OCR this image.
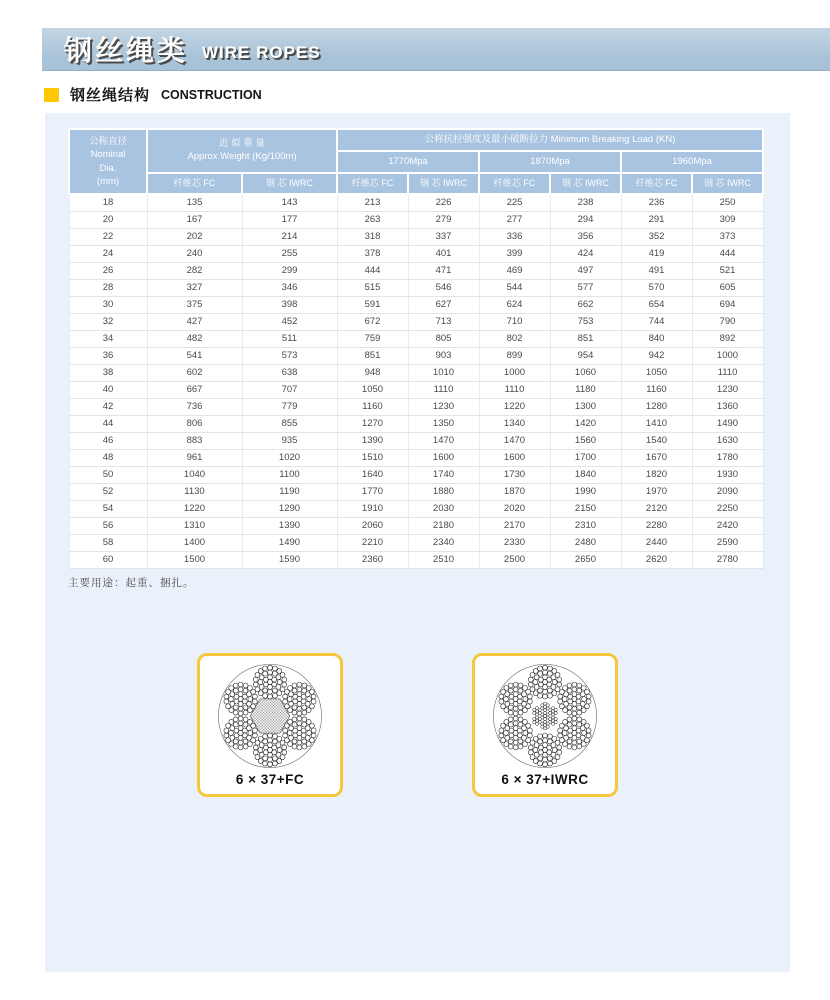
钢丝绳类 WIRE ROPES
钢丝绳结构 CONSTRUCTION
公称直径
Nominal
Dia.
(mm)

近 似 重 量
Approx Weight (Kg/100m)
	公称抗拉强度及最小破断拉力 Minimum Breaking Load (KN)
			1770Mpa		1870Mpa		1960Mpa	
	纤维芯 FC	钢 芯 IWRC	纤维芯 FC	钢 芯 IWRC	纤维芯 FC	钢 芯 IWRC	纤维芯 FC	钢 芯 IWRC
18	135	143	213	226	225	238	236	250
20	167	177	263	279	277	294	291	309
22	202	214	318	337	336	356	352	373
24	240	255	378	401	399	424	419	444
26	282	299	444	471	469	497	491	521
28	327	346	515	546	544	577	570	605
30	375	398	591	627	624	662	654	694
32	427	452	672	713	710	753	744	790
34	482	511	759	805	802	851	840	892
36	541	573	851	903	899	954	942	1000
38	602	638	948	1010	1000	1060	1050	1110
40	667	707	1050	1110	1110	1180	1160	1230
42	736	779	1160	1230	1220	1300	1280	1360
44	806	855	1270	1350	1340	1420	1410	1490
46	883	935	1390	1470	1470	1560	1540	1630
48	961	1020	1510	1600	1600	1700	1670	1780
50	1040	1100	1640	1740	1730	1840	1820	1930
52	1130	1190	1770	1880	1870	1990	1970	2090
54	1220	1290	1910	2030	2020	2150	2120	2250
56	1310	1390	2060	2180	2170	2310	2280	2420
58	1400	1490	2210	2340	2330	2480	2440	2590
60	1500	1590	2360	2510	2500	2650	2620	2780
主要用途：起重、捆扎。
6 × 37+FC	6 × 37+IWRC
